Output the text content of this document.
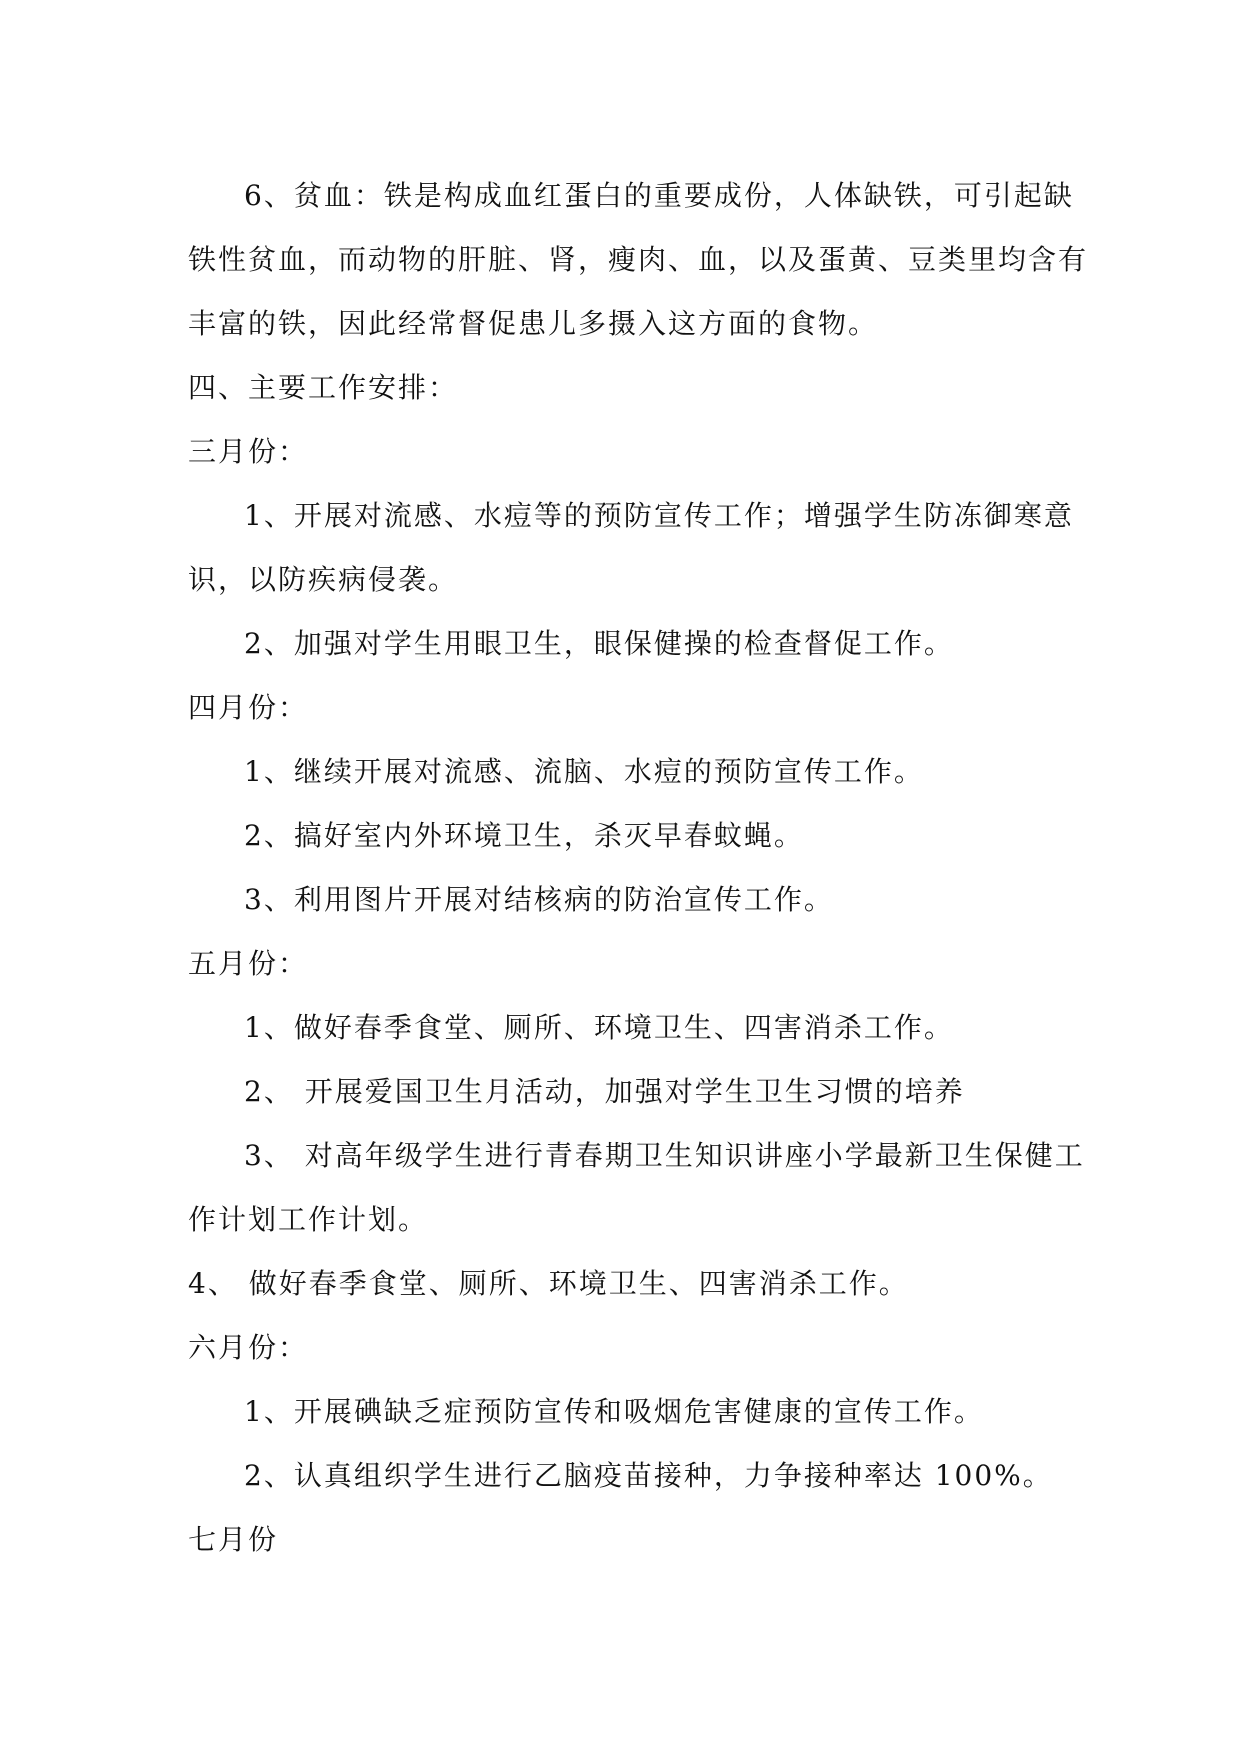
6、贫血：铁是构成血红蛋白的重要成份，人体缺铁，可引起缺
铁性贫血，而动物的肝脏、肾，瘦肉、血，以及蛋黄、豆类里均含有
丰富的铁，因此经常督促患儿多摄入这方面的食物。
四、主要工作安排：
三月份：
1、开展对流感、水痘等的预防宣传工作；增强学生防冻御寒意
识，以防疾病侵袭。
2、加强对学生用眼卫生，眼保健操的检查督促工作。
四月份：
1、继续开展对流感、流脑、水痘的预防宣传工作。
2、搞好室内外环境卫生，杀灭早春蚊蝇。
3、利用图片开展对结核病的防治宣传工作。
五月份：
1、做好春季食堂、厕所、环境卫生、四害消杀工作。
2、 开展爱国卫生月活动，加强对学生卫生习惯的培养
3、 对高年级学生进行青春期卫生知识讲座小学最新卫生保健工
作计划工作计划。
4、 做好春季食堂、厕所、环境卫生、四害消杀工作。
六月份：
1、开展碘缺乏症预防宣传和吸烟危害健康的宣传工作。
2、认真组织学生进行乙脑疫苗接种，力争接种率达 100%。
七月份
